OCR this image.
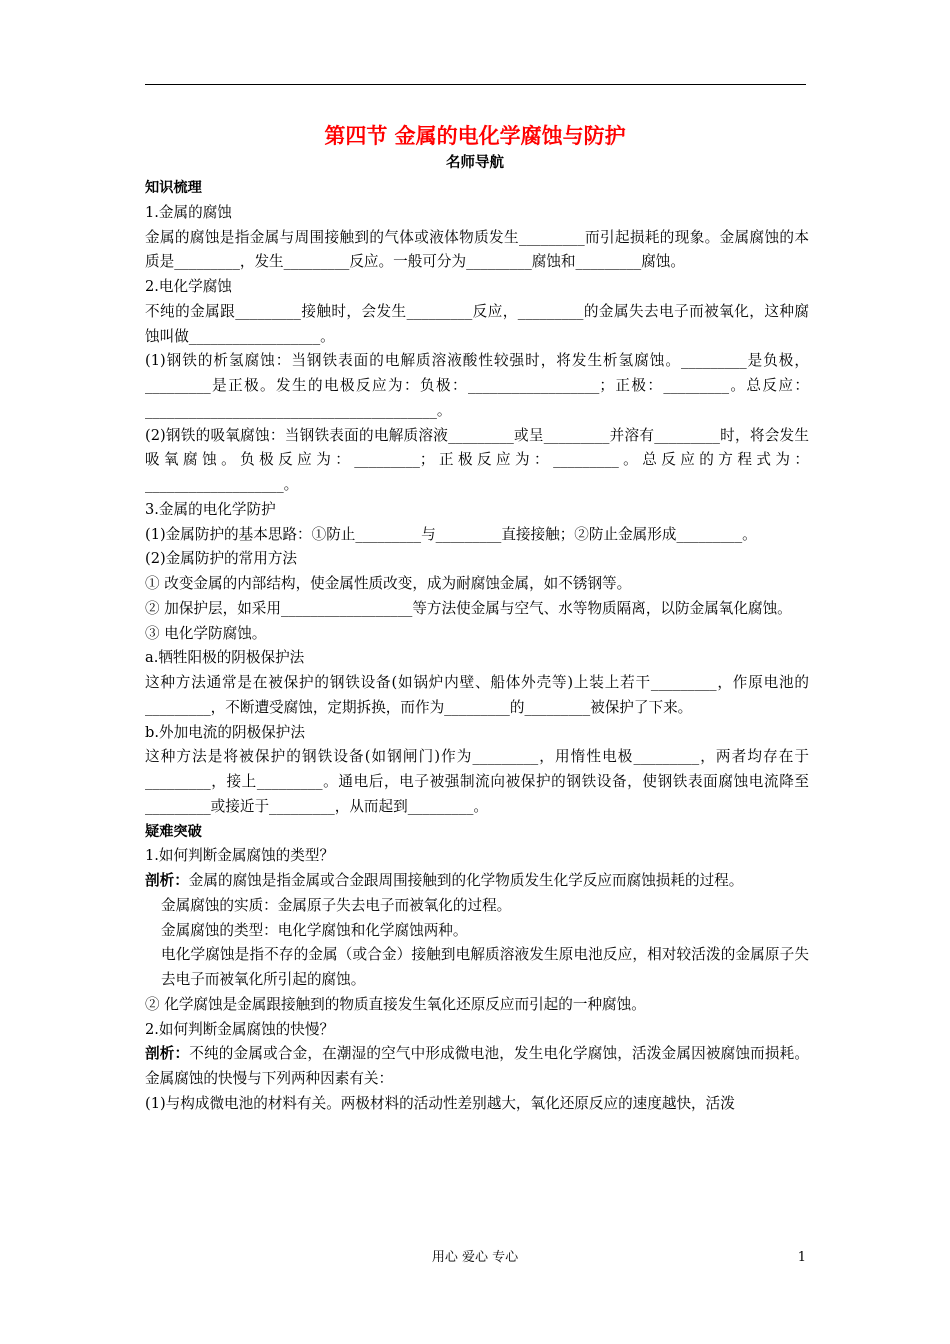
第四节 金属的电化学腐蚀与防护
名师导航

知识梳理

1.金属的腐蚀

金属的腐蚀是指金属与周围接触到的气体或液体物质发生_________而引起损耗的现象。金属腐蚀的本质是_________，发生_________反应。一般可分为_________腐蚀和_________腐蚀。

2.电化学腐蚀

不纯的金属跟_________接触时，会发生_________反应，_________的金属失去电子而被氧化，这种腐蚀叫做__________________。

(1)钢铁的析氢腐蚀：当钢铁表面的电解质溶液酸性较强时，将发生析氢腐蚀。_________是负极，_________是正极。发生的电极反应为：负极：__________________；正极：_________。总反应：________________________________________。

(2)钢铁的吸氧腐蚀：当钢铁表面的电解质溶液_________或呈_________并溶有_________时，将会发生吸氧腐蚀。负极反应为：_________；正极反应为：_________。总反应的方程式为：___________________。

3.金属的电化学防护

(1)金属防护的基本思路：①防止_________与_________直接接触；②防止金属形成_________。

(2)金属防护的常用方法

① 改变金属的内部结构，使金属性质改变，成为耐腐蚀金属，如不锈钢等。

② 加保护层，如采用__________________等方法使金属与空气、水等物质隔离，以防金属氧化腐蚀。

③ 电化学防腐蚀。

a.牺牲阳极的阴极保护法

这种方法通常是在被保护的钢铁设备(如锅炉内壁、船体外壳等)上装上若干_________，作原电池的_________，不断遭受腐蚀，定期拆换，而作为_________的_________被保护了下来。

b.外加电流的阴极保护法

这种方法是将被保护的钢铁设备(如钢闸门)作为_________，用惰性电极_________，两者均存在于_________，接上_________。通电后，电子被强制流向被保护的钢铁设备，使钢铁表面腐蚀电流降至_________或接近于_________，从而起到_________。

疑难突破

1.如何判断金属腐蚀的类型？

剖析：金属的腐蚀是指金属或合金跟周围接触到的化学物质发生化学反应而腐蚀损耗的过程。

金属腐蚀的实质：金属原子失去电子而被氧化的过程。

金属腐蚀的类型：电化学腐蚀和化学腐蚀两种。

电化学腐蚀是指不存的金属（或合金）接触到电解质溶液发生原电池反应，相对较活泼的金属原子失去电子而被氧化所引起的腐蚀。

② 化学腐蚀是金属跟接触到的物质直接发生氧化还原反应而引起的一种腐蚀。

2.如何判断金属腐蚀的快慢？

剖析：不纯的金属或合金，在潮湿的空气中形成微电池，发生电化学腐蚀，活泼金属因被腐蚀而损耗。金属腐蚀的快慢与下列两种因素有关：

(1)与构成微电池的材料有关。两极材料的活动性差别越大，氧化还原反应的速度越快，活泼

用心 爱心 专心	1
